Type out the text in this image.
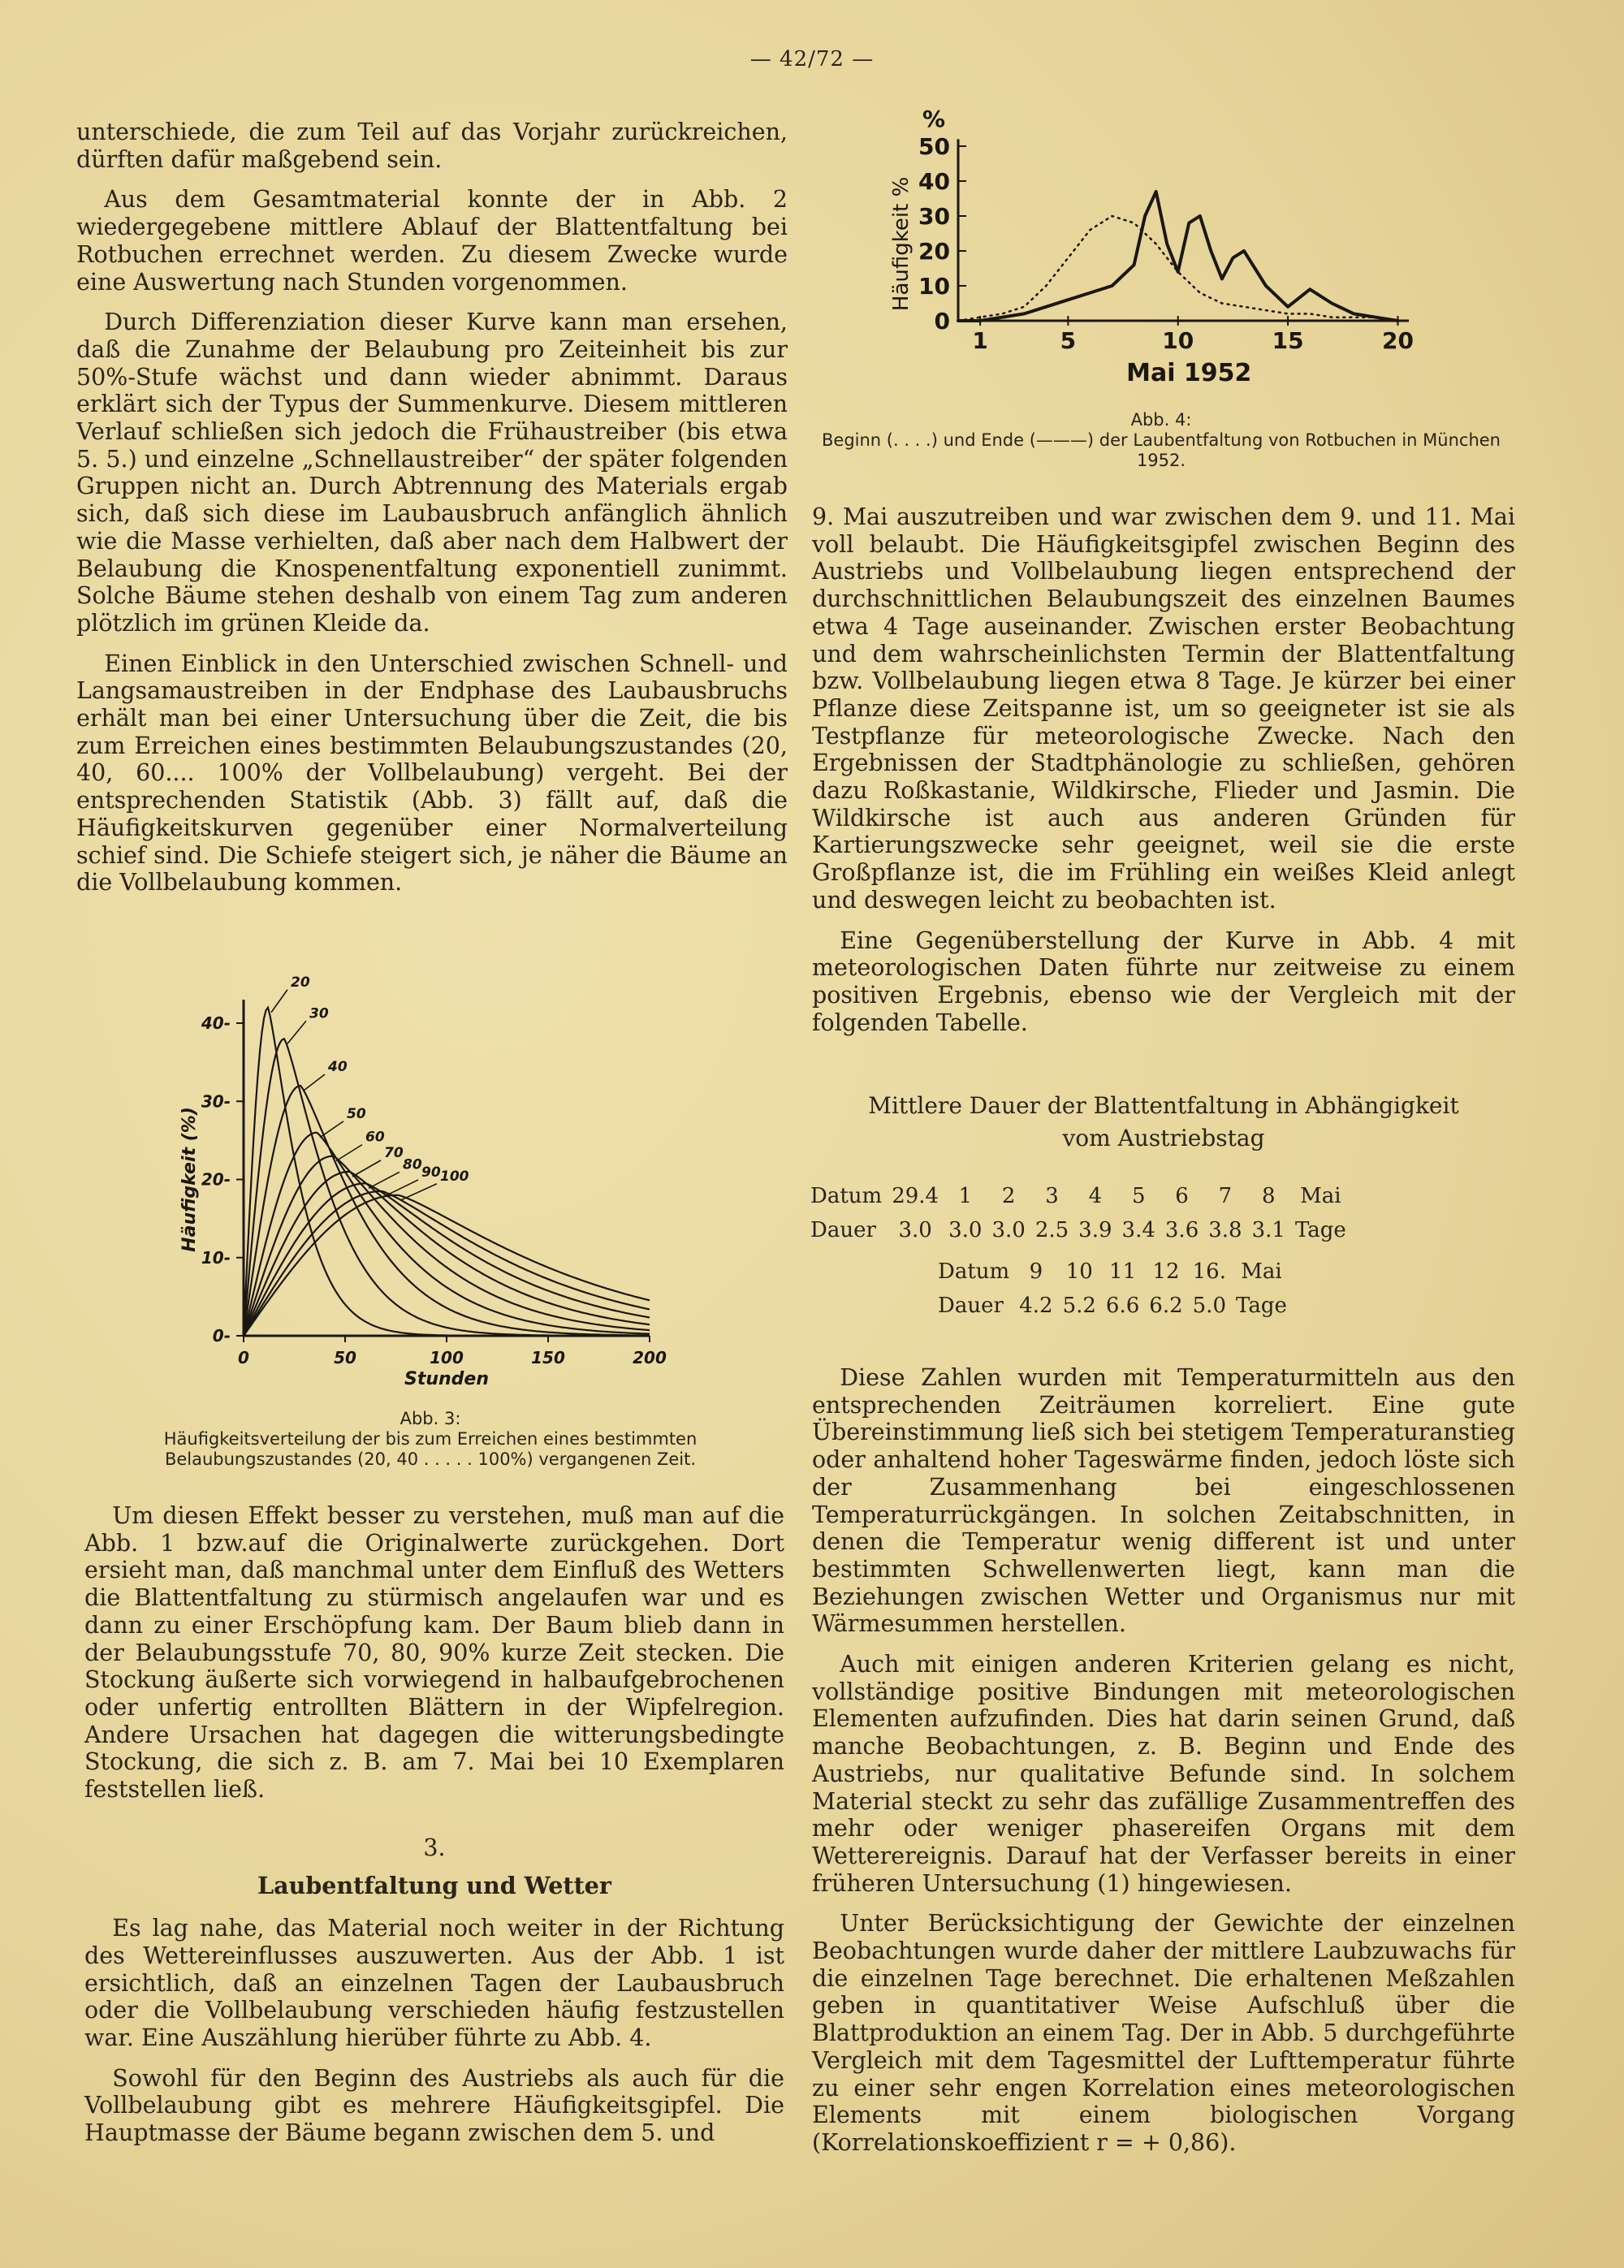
— 42/72 —

unterschiede, die zum Teil auf das Vorjahr zurückreichen, dürften dafür maßgebend sein.

Aus dem Gesamtmaterial konnte der in Abb. 2 wiedergegebene mittlere Ablauf der Blattentfaltung bei Rotbuchen errechnet werden. Zu diesem Zwecke wurde eine Auswertung nach Stunden vorgenommen.

Durch Differenziation dieser Kurve kann man ersehen, daß die Zunahme der Belaubung pro Zeiteinheit bis zur 50%-Stufe wächst und dann wieder abnimmt. Daraus erklärt sich der Typus der Summenkurve. Diesem mittleren Verlauf schließen sich jedoch die Frühaustreiber (bis etwa 5. 5.) und einzelne „Schnellaustreiber“ der später folgenden Gruppen nicht an. Durch Abtrennung des Materials ergab sich, daß sich diese im Laubausbruch anfänglich ähnlich wie die Masse verhielten, daß aber nach dem Halbwert der Belaubung die Knospenentfaltung exponentiell zunimmt. Solche Bäume stehen deshalb von einem Tag zum anderen plötzlich im grünen Kleide da.

Einen Einblick in den Unterschied zwischen Schnell- und Langsamaustreiben in der Endphase des Laubausbruchs erhält man bei einer Untersuchung über die Zeit, die bis zum Erreichen eines bestimmten Belaubungszustandes (20, 40, 60.... 100% der Vollbelaubung) vergeht. Bei der entsprechenden Statistik (Abb. 3) fällt auf, daß die Häufigkeitskurven gegenüber einer Normalverteilung schief sind. Die Schiefe steigert sich, je näher die Bäume an die Vollbelaubung kommen.

0	50	100	150	200
0-
10-
20-
30-
40-
Stunden
Häufigkeit (%)
20
30
40
50
60
70
80 90 100
Abb. 3:
Häufigkeitsverteilung der bis zum Erreichen eines bestimmten Belaubungszustandes (20, 40 . . . . . 100%) vergangenen Zeit.

Um diesen Effekt besser zu verstehen, muß man auf die Abb. 1 bzw.auf die Originalwerte zurückgehen. Dort ersieht man, daß manchmal unter dem Einfluß des Wetters die Blattentfaltung zu stürmisch angelaufen war und es dann zu einer Erschöpfung kam. Der Baum blieb dann in der Belaubungsstufe 70, 80, 90% kurze Zeit stecken. Die Stockung äußerte sich vorwiegend in halbaufgebrochenen oder unfertig entrollten Blättern in der Wipfelregion. Andere Ursachen hat dagegen die witterungsbedingte Stockung, die sich z. B. am 7. Mai bei 10 Exemplaren feststellen ließ.

3.
Laubentfaltung und Wetter

Es lag nahe, das Material noch weiter in der Richtung des Wettereinflusses auszuwerten. Aus der Abb. 1 ist ersichtlich, daß an einzelnen Tagen der Laubausbruch oder die Vollbelaubung verschieden häufig festzustellen war. Eine Auszählung hierüber führte zu Abb. 4.

Sowohl für den Beginn des Austriebs als auch für die Vollbelaubung gibt es mehrere Häufigkeitsgipfel. Die Hauptmasse der Bäume begann zwischen dem 5. und

1	5	10	15	20
0
10
20
30
40
50
%
Häufigkeit %
Mai 1952
Abb. 4:
Beginn (. . . .) und Ende (———) der Laubentfaltung von Rotbuchen in München 1952.

9. Mai auszutreiben und war zwischen dem 9. und 11. Mai voll belaubt. Die Häufigkeitsgipfel zwischen Beginn des Austriebs und Vollbelaubung liegen entsprechend der durchschnittlichen Belaubungszeit des einzelnen Baumes etwa 4 Tage auseinander. Zwischen erster Beobachtung und dem wahrscheinlichsten Termin der Blattentfaltung bzw. Vollbelaubung liegen etwa 8 Tage. Je kürzer bei einer Pflanze diese Zeitspanne ist, um so geeigneter ist sie als Testpflanze für meteorologische Zwecke. Nach den Ergebnissen der Stadtphänologie zu schließen, gehören dazu Roßkastanie, Wildkirsche, Flieder und Jasmin. Die Wildkirsche ist auch aus anderen Gründen für Kartierungszwecke sehr geeignet, weil sie die erste Großpflanze ist, die im Frühling ein weißes Kleid anlegt und deswegen leicht zu beobachten ist.

Eine Gegenüberstellung der Kurve in Abb. 4 mit meteorologischen Daten führte nur zeitweise zu einem positiven Ergebnis, ebenso wie der Vergleich mit der folgenden Tabelle.

Mittlere Dauer der Blattentfaltung in Abhängigkeit
vom Austriebstag
Datum	29.4	1	2	3	4	5	6	7	8	Mai
Dauer	3.0	3.0	3.0	2.5	3.9	3.4	3.6	3.8	3.1	Tage
Datum	9	10	11	12	16.	Mai
Dauer	4.2	5.2	6.6	6.2	5.0	Tage

Diese Zahlen wurden mit Temperaturmitteln aus den entsprechenden Zeiträumen korreliert. Eine gute Übereinstimmung ließ sich bei stetigem Temperaturanstieg oder anhaltend hoher Tageswärme finden, jedoch löste sich der Zusammenhang bei eingeschlossenen Temperaturrückgängen. In solchen Zeitabschnitten, in denen die Temperatur wenig different ist und unter bestimmten Schwellenwerten liegt, kann man die Beziehungen zwischen Wetter und Organismus nur mit Wärmesummen herstellen.

Auch mit einigen anderen Kriterien gelang es nicht, vollständige positive Bindungen mit meteorologischen Elementen aufzufinden. Dies hat darin seinen Grund, daß manche Beobachtungen, z. B. Beginn und Ende des Austriebs, nur qualitative Befunde sind. In solchem Material steckt zu sehr das zufällige Zusammentreffen des mehr oder weniger phasereifen Organs mit dem Wetterereignis. Darauf hat der Verfasser bereits in einer früheren Untersuchung (1) hingewiesen.

Unter Berücksichtigung der Gewichte der einzelnen Beobachtungen wurde daher der mittlere Laubzuwachs für die einzelnen Tage berechnet. Die erhaltenen Meßzahlen geben in quantitativer Weise Aufschluß über die Blattproduktion an einem Tag. Der in Abb. 5 durchgeführte Vergleich mit dem Tagesmittel der Lufttemperatur führte zu einer sehr engen Korrelation eines meteorologischen Elements mit einem biologischen Vorgang (Korrelationskoeffizient r = + 0,86).
